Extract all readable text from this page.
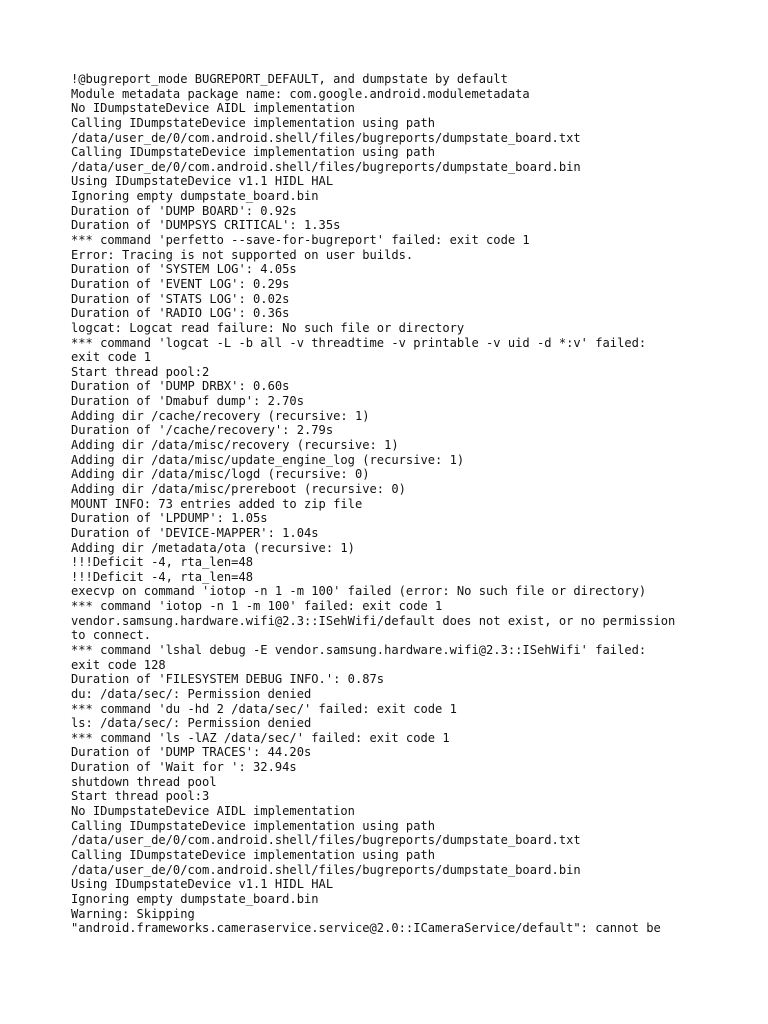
!@bugreport_mode BUGREPORT_DEFAULT, and dumpstate by default
Module metadata package name: com.google.android.modulemetadata
No IDumpstateDevice AIDL implementation
Calling IDumpstateDevice implementation using path
/data/user_de/0/com.android.shell/files/bugreports/dumpstate_board.txt
Calling IDumpstateDevice implementation using path
/data/user_de/0/com.android.shell/files/bugreports/dumpstate_board.bin
Using IDumpstateDevice v1.1 HIDL HAL
Ignoring empty dumpstate_board.bin
Duration of 'DUMP BOARD': 0.92s
Duration of 'DUMPSYS CRITICAL': 1.35s
*** command 'perfetto --save-for-bugreport' failed: exit code 1
Error: Tracing is not supported on user builds.
Duration of 'SYSTEM LOG': 4.05s
Duration of 'EVENT LOG': 0.29s
Duration of 'STATS LOG': 0.02s
Duration of 'RADIO LOG': 0.36s
logcat: Logcat read failure: No such file or directory
*** command 'logcat -L -b all -v threadtime -v printable -v uid -d *:v' failed:
exit code 1
Start thread pool:2
Duration of 'DUMP DRBX': 0.60s
Duration of 'Dmabuf dump': 2.70s
Adding dir /cache/recovery (recursive: 1)
Duration of '/cache/recovery': 2.79s
Adding dir /data/misc/recovery (recursive: 1)
Adding dir /data/misc/update_engine_log (recursive: 1)
Adding dir /data/misc/logd (recursive: 0)
Adding dir /data/misc/prereboot (recursive: 0)
MOUNT INFO: 73 entries added to zip file
Duration of 'LPDUMP': 1.05s
Duration of 'DEVICE-MAPPER': 1.04s
Adding dir /metadata/ota (recursive: 1)
!!!Deficit -4, rta_len=48
!!!Deficit -4, rta_len=48
execvp on command 'iotop -n 1 -m 100' failed (error: No such file or directory)
*** command 'iotop -n 1 -m 100' failed: exit code 1
vendor.samsung.hardware.wifi@2.3::ISehWifi/default does not exist, or no permission
to connect.
*** command 'lshal debug -E vendor.samsung.hardware.wifi@2.3::ISehWifi' failed:
exit code 128
Duration of 'FILESYSTEM DEBUG INFO.': 0.87s
du: /data/sec/: Permission denied
*** command 'du -hd 2 /data/sec/' failed: exit code 1
ls: /data/sec/: Permission denied
*** command 'ls -lAZ /data/sec/' failed: exit code 1
Duration of 'DUMP TRACES': 44.20s
Duration of 'Wait for ': 32.94s
shutdown thread pool
Start thread pool:3
No IDumpstateDevice AIDL implementation
Calling IDumpstateDevice implementation using path
/data/user_de/0/com.android.shell/files/bugreports/dumpstate_board.txt
Calling IDumpstateDevice implementation using path
/data/user_de/0/com.android.shell/files/bugreports/dumpstate_board.bin
Using IDumpstateDevice v1.1 HIDL HAL
Ignoring empty dumpstate_board.bin
Warning: Skipping
"android.frameworks.cameraservice.service@2.0::ICameraService/default": cannot be
